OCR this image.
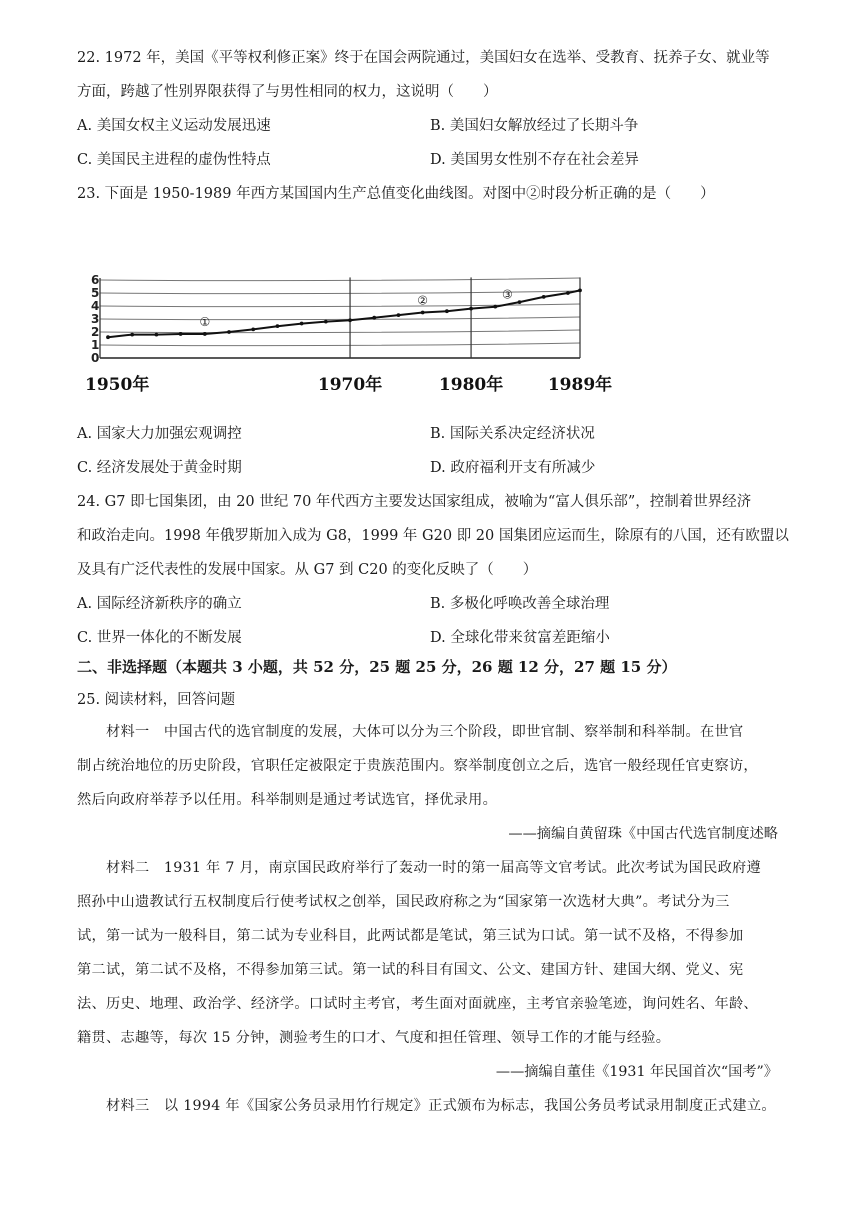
22. 1972 年，美国《平等权利修正案》终于在国会两院通过，美国妇女在选举、受教育、抚养子女、就业等
方面，跨越了性别界限获得了与男性相同的权力，这说明（　　）
A. 美国女权主义运动发展迅速	B. 美国妇女解放经过了长期斗争
C. 美国民主进程的虚伪性特点	D. 美国男女性别不存在社会差异
23. 下面是 1950-1989 年西方某国国内生产总值变化曲线图。对图中②时段分析正确的是（　　）
0
1
2
3
4
5
6
1950年	1970年	1980年	1989年
①
②	③
A. 国家大力加强宏观调控	B. 国际关系决定经济状况
C. 经济发展处于黄金时期	D. 政府福利开支有所减少
24. G7 即七国集团，由 20 世纪 70 年代西方主要发达国家组成，被喻为“富人俱乐部”，控制着世界经济
和政治走向。1998 年俄罗斯加入成为 G8，1999 年 G20 即 20 国集团应运而生，除原有的八国，还有欧盟以
及具有广泛代表性的发展中国家。从 G7 到 C20 的变化反映了（　　）
A. 国际经济新秩序的确立	B. 多极化呼唤改善全球治理
C. 世界一体化的不断发展	D. 全球化带来贫富差距缩小
二、非选择题（本题共 3 小题，共 52 分，25 题 25 分，26 题 12 分，27 题 15 分）
25. 阅读材料，回答问题
　　材料一　中国古代的选官制度的发展，大体可以分为三个阶段，即世官制、察举制和科举制。在世官
制占统治地位的历史阶段，官职任定被限定于贵族范围内。察举制度创立之后，选官一般经现任官吏察访，
然后向政府举荐予以任用。科举制则是通过考试选官，择优录用。
——摘编自黄留珠《中国古代选官制度述略
　　材料二　1931 年 7 月，南京国民政府举行了轰动一时的第一届高等文官考试。此次考试为国民政府遵
照孙中山遗教试行五权制度后行使考试权之创举，国民政府称之为“国家第一次选材大典”。考试分为三
试，第一试为一般科目，第二试为专业科目，此两试都是笔试，第三试为口试。第一试不及格，不得参加
第二试，第二试不及格，不得参加第三试。第一试的科目有国文、公文、建国方针、建国大纲、党义、宪
法、历史、地理、政治学、经济学。口试时主考官，考生面对面就座，主考官亲验笔迹，询问姓名、年龄、
籍贯、志趣等，每次 15 分钟，测验考生的口才、气度和担任管理、领导工作的才能与经验。
——摘编自董佳《1931 年民国首次“国考”》
　　材料三　以 1994 年《国家公务员录用竹行规定》正式颁布为标志，我国公务员考试录用制度正式建立。
